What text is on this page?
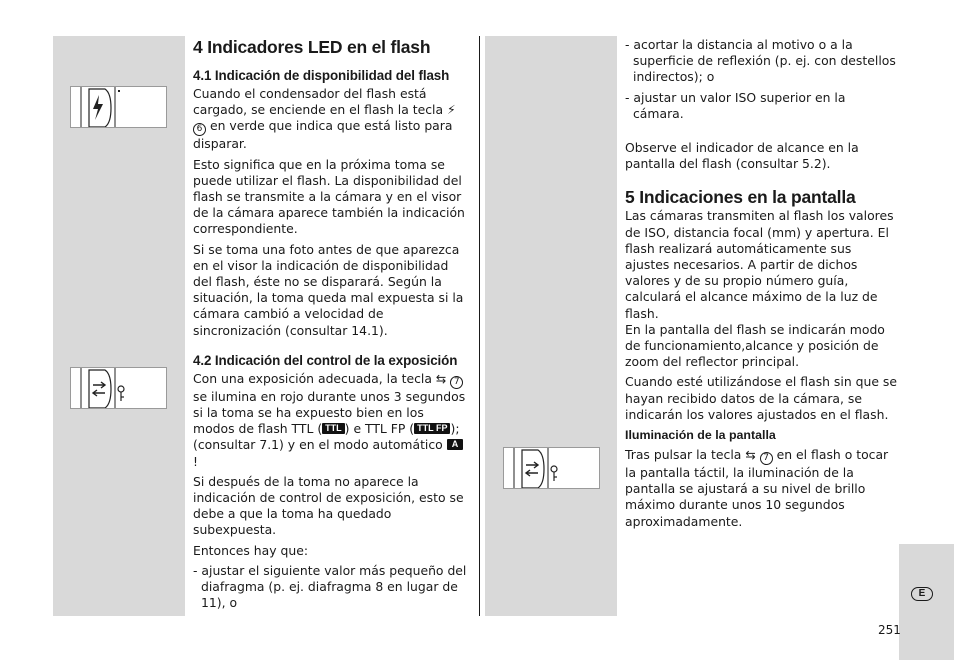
4 Indicadores LED en el flash
4.1 Indicación de disponibilidad del flash

Cuando el condensador del flash está cargado, se enciende en el flash la tecla ⚡ 6 en verde que indica que está listo para disparar.

Esto significa que en la próxima toma se puede utilizar el flash. La disponibilidad del flash se transmite a la cámara y en el visor de la cámara aparece también la indicación correspondiente.

Si se toma una foto antes de que aparezca en el visor la indicación de disponibilidad del flash, éste no se disparará. Según la situación, la toma queda mal expuesta si la cámara cambió a velocidad de sincronización (consultar 14.1).

4.2 Indicación del control de la exposición

Con una exposición adecuada, la tecla ⇆ 7 se ilumina en rojo durante unos 3 segundos si la toma se ha expuesto bien en los modos de flash TTL ( TTL ) e TTL FP ( TTL FP ); (consultar 7.1) y en el modo automático A !

Si después de la toma no aparece la indicación de control de exposición, esto se debe a que la toma ha quedado subexpuesta.

Entonces hay que:

- ajustar el siguiente valor más pequeño del diafragma (p. ej. diafragma 8 en lugar de 11), o

- acortar la distancia al motivo o a la superficie de reflexión (p. ej. con destellos indirectos); o

- ajustar un valor ISO superior en la cámara.

Observe el indicador de alcance en la pantalla del flash (consultar 5.2).

5 Indicaciones en la pantalla

Las cámaras transmiten al flash los valores de ISO, distancia focal (mm) y apertura. El flash realizará automáticamente sus ajustes necesarios. A partir de dichos valores y de su propio número guía, calculará el alcance máximo de la luz de flash.

En la pantalla del flash se indicarán modo de funcionamiento,alcance y posición de zoom del reflector principal.

Cuando esté utilizándose el flash sin que se hayan recibido datos de la cámara, se indicarán los valores ajustados en el flash.

Iluminación de la pantalla

Tras pulsar la tecla ⇆ 7 en el flash o tocar la pantalla táctil, la iluminación de la pantalla se ajustará a su nivel de brillo máximo durante unos 10 segundos aproximadamente.

E
251
